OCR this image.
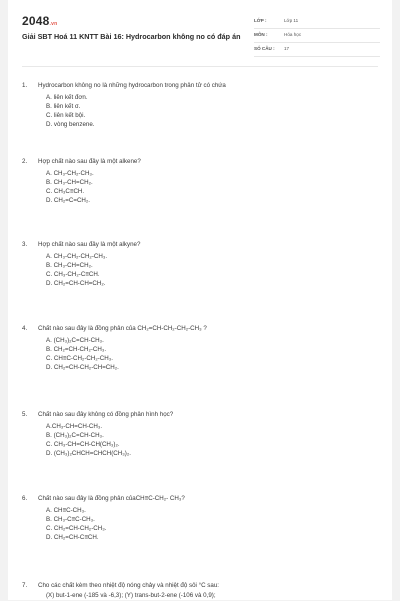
2048.vn
Giải SBT Hoá 11 KNTT Bài 16: Hydrocarbon không no có đáp án
LỚP :	Lớp 11
MÔN :	Hóa học
SỐ CÂU : 17
1. Hydrocarbon không no là những hydrocarbon trong phân tử có chứa
A. liên kết đơn.
B. liên kết σ.
C. liên kết bội.
D. vòng benzene.
2. Hợp chất nào sau đây là một alkene?
A. CH₃-CH₂-CH₃.
B. CH₃-CH=CH₂.
C. CH₃C≡CH.
D. CH₂=C=CH₂.
3. Hợp chất nào sau đây là một alkyne?
A. CH₃-CH₂-CH₂-CH₃.
B. CH₃-CH=CH₂.
C. CH₃-CH₂-C≡CH.
D. CH₂=CH-CH=CH₂.
4. Chất nào sau đây là đồng phân của CH₂=CH-CH₂-CH₂-CH₃ ?
A. (CH₃)₂C=CH-CH₃.
B. CH₂=CH-CH₂-CH₃.
C. CH≡C-CH₂-CH₂-CH₃.
D. CH₂=CH-CH₂-CH=CH₂.
5. Chất nào sau đây không có đồng phân hình học?
A.CH₃-CH=CH-CH₃.
B. (CH₃)₂C=CH-CH₃.
C. CH₃-CH=CH-CH(CH₃)₂.
D. (CH₃)₂CHCH=CHCH(CH₃)₂.
6. Chất nào sau đây là đồng phân củaCH≡C-CH₂- CH₃?
A. CH≡C-CH₃.
B. CH₃-C≡C-CH₃.
C. CH₂=CH-CH₂-CH₃.
D. CH₂=CH-C≡CH.
7. Cho các chất kèm theo nhiệt độ nóng chảy và nhiệt độ sôi °C sau:
(X) but-1-ene (-185 và -6,3); (Y) trans-but-2-ene (-106 và 0,9);
